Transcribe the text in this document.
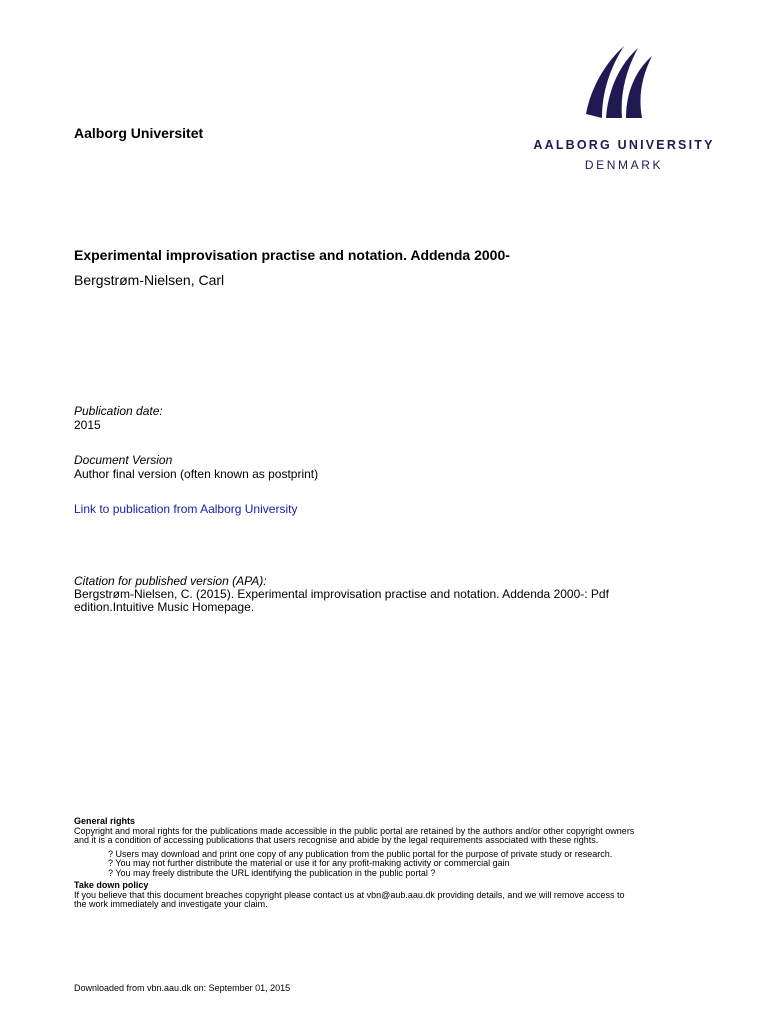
Aalborg Universitet
AALBORG UNIVERSITY
DENMARK
Experimental improvisation practise and notation. Addenda 2000-
Bergstrøm-Nielsen, Carl
Publication date:
2015
Document Version
Author final version (often known as postprint)
Link to publication from Aalborg University
Citation for published version (APA):
Bergstrøm-Nielsen, C. (2015). Experimental improvisation practise and notation. Addenda 2000-: Pdf
edition.Intuitive Music Homepage.

General rights

Copyright and moral rights for the publications made accessible in the public portal are retained by the authors and/or other copyright owners

and it is a condition of accessing publications that users recognise and abide by the legal requirements associated with these rights.

? Users may download and print one copy of any publication from the public portal for the purpose of private study or research.

? You may not further distribute the material or use it for any profit-making activity or commercial gain

? You may freely distribute the URL identifying the publication in the public portal ?

Take down policy

If you believe that this document breaches copyright please contact us at vbn@aub.aau.dk providing details, and we will remove access to

the work immediately and investigate your claim.

Downloaded from vbn.aau.dk on: September 01, 2015
